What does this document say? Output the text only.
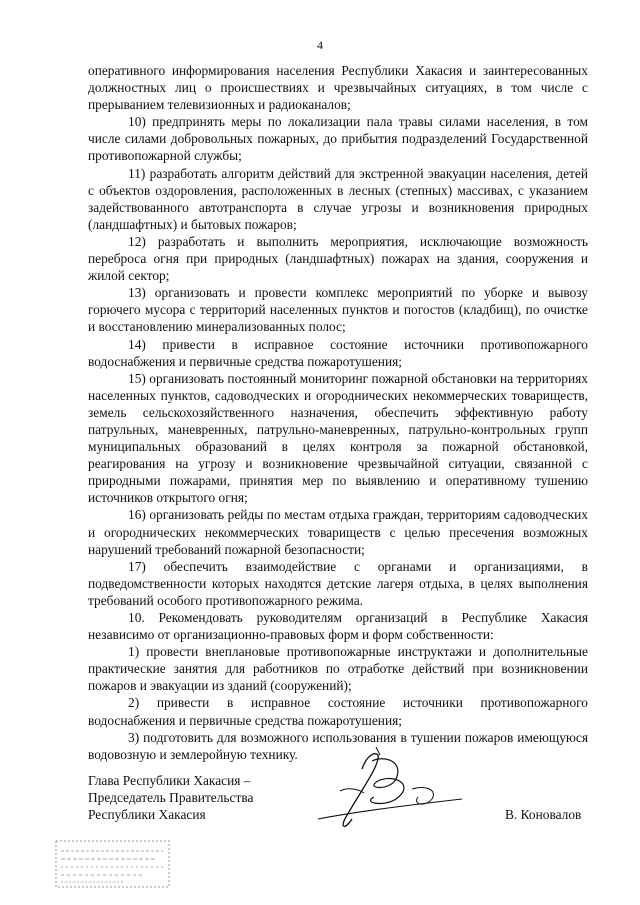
4

оперативного информирования населения Республики Хакасия и заинтересованных должностных лиц о происшествиях и чрезвычайных ситуациях, в том числе с прерыванием телевизионных и радиоканалов;

10) предпринять меры по локализации пала травы силами населения, в том числе силами добровольных пожарных, до прибытия подразделений Государственной противопожарной службы;

11) разработать алгоритм действий для экстренной эвакуации населения, детей с объектов оздоровления, расположенных в лесных (степных) массивах, с указанием задействованного автотранспорта в случае угрозы и возникновения природных (ландшафтных) и бытовых пожаров;

12) разработать и выполнить мероприятия, исключающие возможность переброса огня при природных (ландшафтных) пожарах на здания, сооружения и жилой сектор;

13) организовать и провести комплекс мероприятий по уборке и вывозу горючего мусора с территорий населенных пунктов и погостов (кладбищ), по очистке и восстановлению минерализованных полос;

14) привести в исправное состояние источники противопожарного водоснабжения и первичные средства пожаротушения;

15) организовать постоянный мониторинг пожарной обстановки на территориях населенных пунктов, садоводческих и огороднических некоммерческих товариществ, земель сельскохозяйственного назначения, обеспечить эффективную работу патрульных, маневренных, патрульно-маневренных, патрульно-контрольных групп муниципальных образований в целях контроля за пожарной обстановкой, реагирования на угрозу и возникновение чрезвычайной ситуации, связанной с природными пожарами, принятия мер по выявлению и оперативному тушению источников открытого огня;

16) организовать рейды по местам отдыха граждан, территориям садоводческих и огороднических некоммерческих товариществ с целью пресечения возможных нарушений требований пожарной безопасности;

17) обеспечить взаимодействие с органами и организациями, в подведомственности которых находятся детские лагеря отдыха, в целях выполнения требований особого противопожарного режима.

10. Рекомендовать руководителям организаций в Республике Хакасия независимо от организационно-правовых форм и форм собственности:

1) провести внеплановые противопожарные инструктажи и дополнительные практические занятия для работников по отработке действий при возникновении пожаров и эвакуации из зданий (сооружений);

2) привести в исправное состояние источники противопожарного водоснабжения и первичные средства пожаротушения;

3) подготовить для возможного использования в тушении пожаров имеющуюся водовозную и землеройную технику.

Глава Республики Хакасия –
Председатель Правительства
Республики Хакасия	В. Коновалов
